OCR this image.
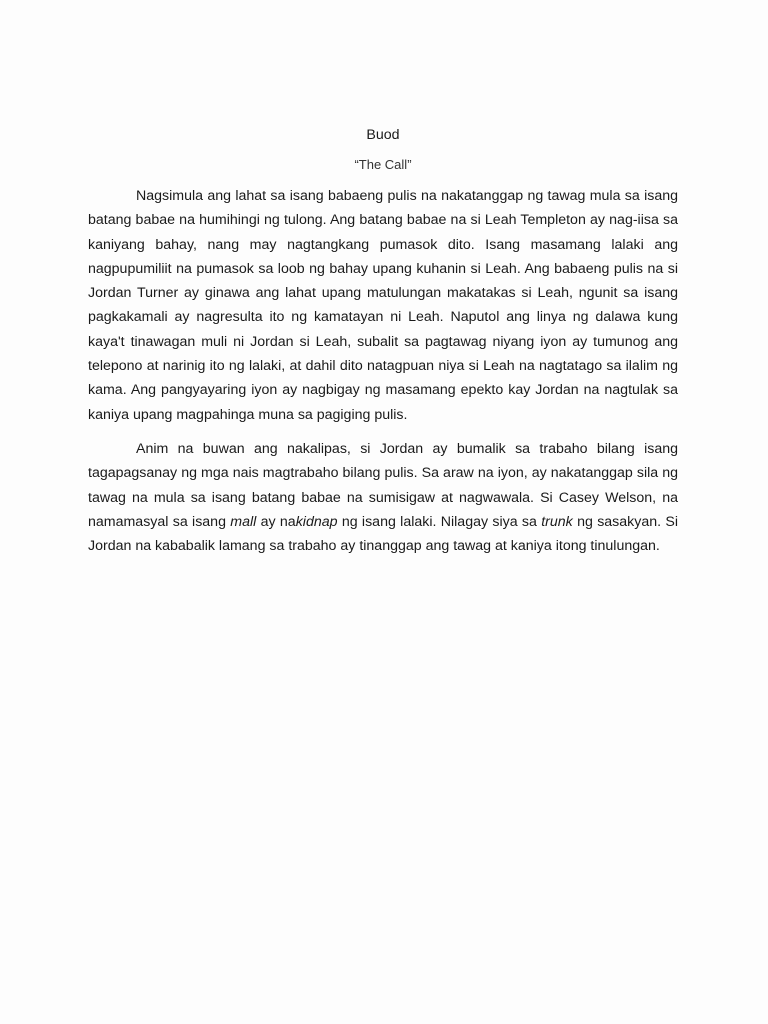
Buod
“The Call”

Nagsimula ang lahat sa isang babaeng pulis na nakatanggap ng tawag mula sa isang batang babae na humihingi ng tulong. Ang batang babae na si Leah Templeton ay nag-iisa sa kaniyang bahay, nang may nagtangkang pumasok dito. Isang masamang lalaki ang nagpupumiliit na pumasok sa loob ng bahay upang kuhanin si Leah. Ang babaeng pulis na si Jordan Turner ay ginawa ang lahat upang matulungan makatakas si Leah, ngunit sa isang pagkakamali ay nagresulta ito ng kamatayan ni Leah. Naputol ang linya ng dalawa kung kaya't tinawagan muli ni Jordan si Leah, subalit sa pagtawag niyang iyon ay tumunog ang telepono at narinig ito ng lalaki, at dahil dito natagpuan niya si Leah na nagtatago sa ilalim ng kama. Ang pangyayaring iyon ay nagbigay ng masamang epekto kay Jordan na nagtulak sa kaniya upang magpahinga muna sa pagiging pulis.

Anim na buwan ang nakalipas, si Jordan ay bumalik sa trabaho bilang isang tagapagsanay ng mga nais magtrabaho bilang pulis. Sa araw na iyon, ay nakatanggap sila ng tawag na mula sa isang batang babae na sumisigaw at nagwawala. Si Casey Welson, na namamasyal sa isang mall ay nakidnap ng isang lalaki. Nilagay siya sa trunk ng sasakyan. Si Jordan na kababalik lamang sa trabaho ay tinanggap ang tawag at kaniya itong tinulungan.
